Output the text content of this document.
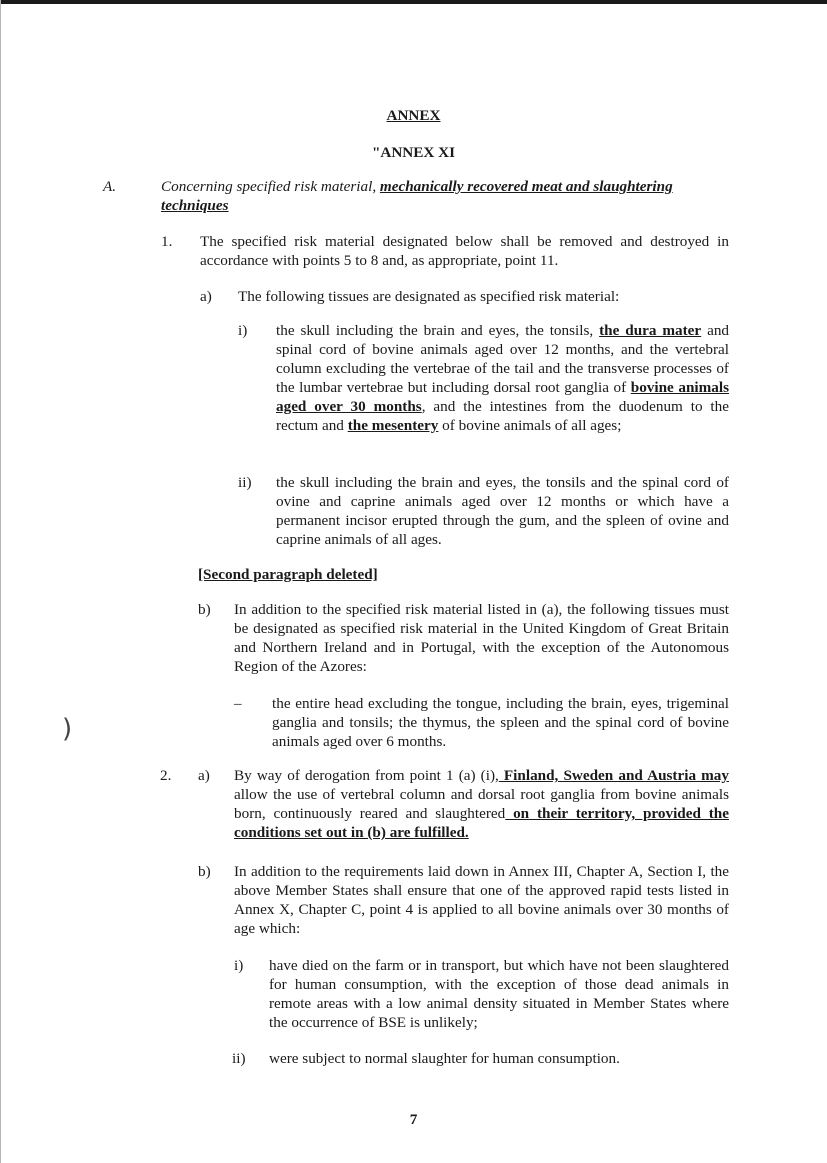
ANNEX
"ANNEX XI
A.	Concerning specified risk material, mechanically recovered meat and slaughtering techniques

1. The specified risk material designated below shall be removed and destroyed in accordance with points 5 to 8 and, as appropriate, point 11.

a) The following tissues are designated as specified risk material:

i) the skull including the brain and eyes, the tonsils, the dura mater and spinal cord of bovine animals aged over 12 months, and the vertebral column excluding the vertebrae of the tail and the transverse processes of the lumbar vertebrae but including dorsal root ganglia of bovine animals aged over 30 months, and the intestines from the duodenum to the rectum and the mesentery of bovine animals of all ages;

ii) the skull including the brain and eyes, the tonsils and the spinal cord of ovine and caprine animals aged over 12 months or which have a permanent incisor erupted through the gum, and the spleen of ovine and caprine animals of all ages.

[Second paragraph deleted]
b) In addition to the specified risk material listed in (a), the following tissues must be designated as specified risk material in the United Kingdom of Great Britain and Northern Ireland and in Portugal, with the exception of the Autonomous Region of the Azores:

– the entire head excluding the tongue, including the brain, eyes, trigeminal ganglia and tonsils; the thymus, the spleen and the spinal cord of bovine animals aged over 6 months.

)
2. a) By way of derogation from point 1 (a) (i), Finland, Sweden and Austria may allow the use of vertebral column and dorsal root ganglia from bovine animals born, continuously reared and slaughtered on their territory, provided the conditions set out in (b) are fulfilled.

b) In addition to the requirements laid down in Annex III, Chapter A, Section I, the above Member States shall ensure that one of the approved rapid tests listed in Annex X, Chapter C, point 4 is applied to all bovine animals over 30 months of age which:

i) have died on the farm or in transport, but which have not been slaughtered for human consumption, with the exception of those dead animals in remote areas with a low animal density situated in Member States where the occurrence of BSE is unlikely;

ii) were subject to normal slaughter for human consumption.

7
